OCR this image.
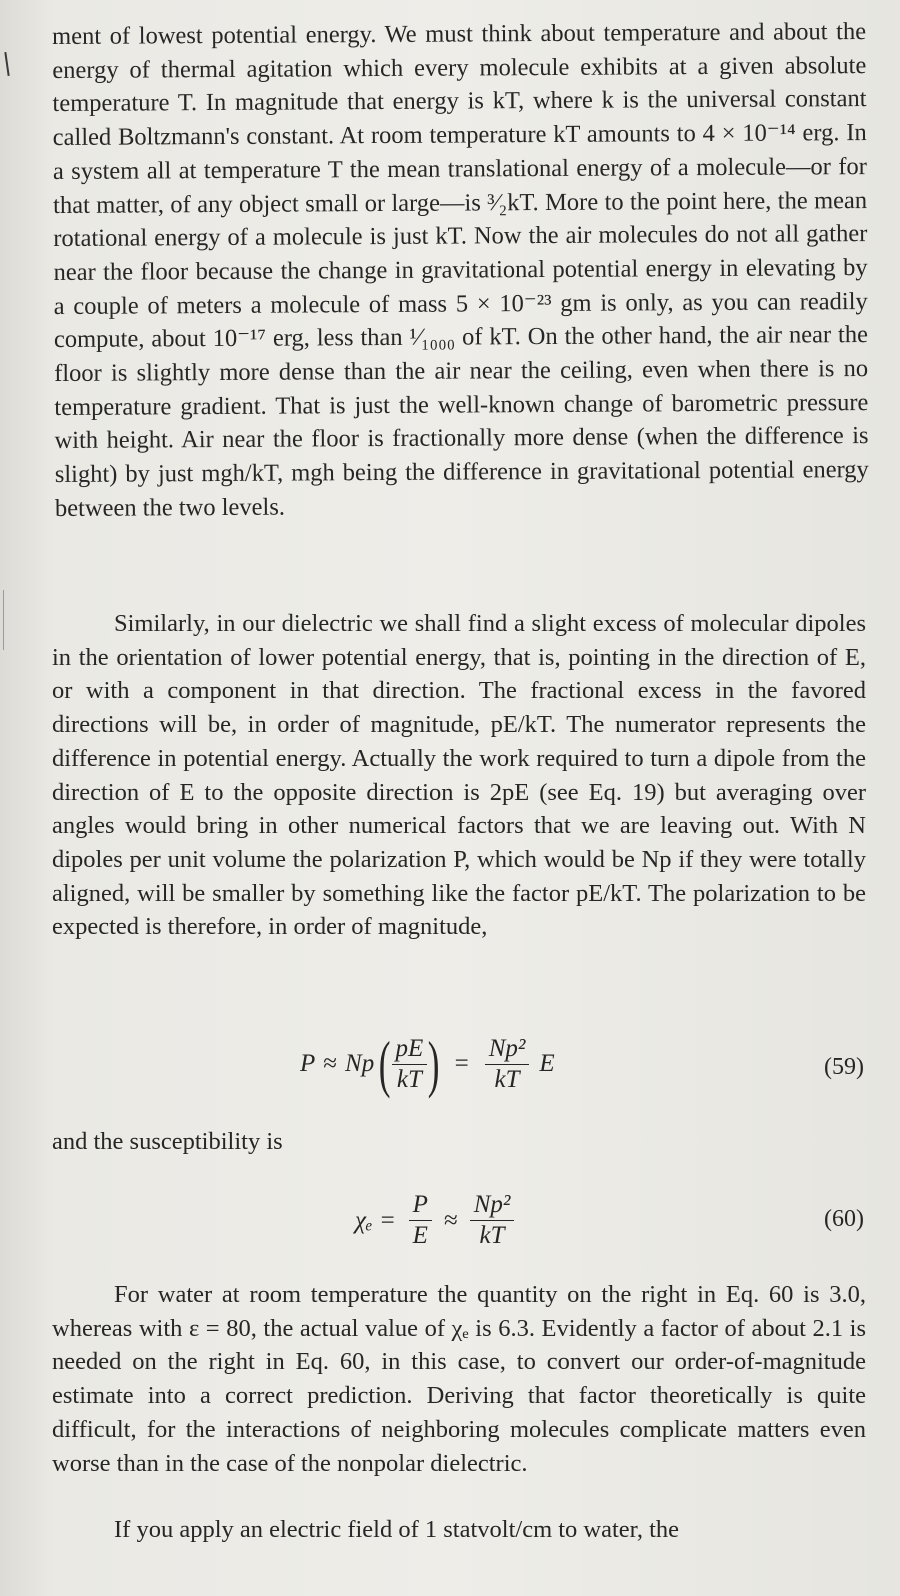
ment of lowest potential energy. We must think about temperature and about the energy of thermal agitation which every molecule exhibits at a given absolute temperature T. In magnitude that energy is kT, where k is the universal constant called Boltzmann's constant. At room temperature kT amounts to 4 × 10⁻¹⁴ erg. In a system all at temperature T the mean translational energy of a molecule—or for that matter, of any object small or large—is ³⁄₂kT. More to the point here, the mean rotational energy of a molecule is just kT. Now the air molecules do not all gather near the floor because the change in gravitational potential energy in elevating by a couple of meters a molecule of mass 5 × 10⁻²³ gm is only, as you can readily compute, about 10⁻¹⁷ erg, less than ¹⁄₁₀₀₀ of kT. On the other hand, the air near the floor is slightly more dense than the air near the ceiling, even when there is no temperature gradient. That is just the well-known change of barometric pressure with height. Air near the floor is fractionally more dense (when the difference is slight) by just mgh/kT, mgh being the difference in gravitational potential energy between the two levels.

Similarly, in our dielectric we shall find a slight excess of molecular dipoles in the orientation of lower potential energy, that is, pointing in the direction of E, or with a component in that direction. The fractional excess in the favored directions will be, in order of magnitude, pE/kT. The numerator represents the difference in potential energy. Actually the work required to turn a dipole from the direction of E to the opposite direction is 2pE (see Eq. 19) but averaging over angles would bring in other numerical factors that we are leaving out. With N dipoles per unit volume the polarization P, which would be Np if they were totally aligned, will be smaller by something like the factor pE/kT. The polarization to be expected is therefore, in order of magnitude,

P ≈ Np ( $\frac{pE}{kT}$ ) = $\frac{\text{Np²}}{kT}$ E	(59)
and the susceptibility is
$\chi_e = \frac{P}{E} \approx \frac{\text{Np²}}{kT}$	(60)

For water at room temperature the quantity on the right in Eq. 60 is 3.0, whereas with ε = 80, the actual value of χₑ is 6.3. Evidently a factor of about 2.1 is needed on the right in Eq. 60, in this case, to convert our order-of-magnitude estimate into a correct prediction. Deriving that factor theoretically is quite difficult, for the interactions of neighboring molecules complicate matters even worse than in the case of the nonpolar dielectric.

If you apply an electric field of 1 statvolt/cm to water, the
